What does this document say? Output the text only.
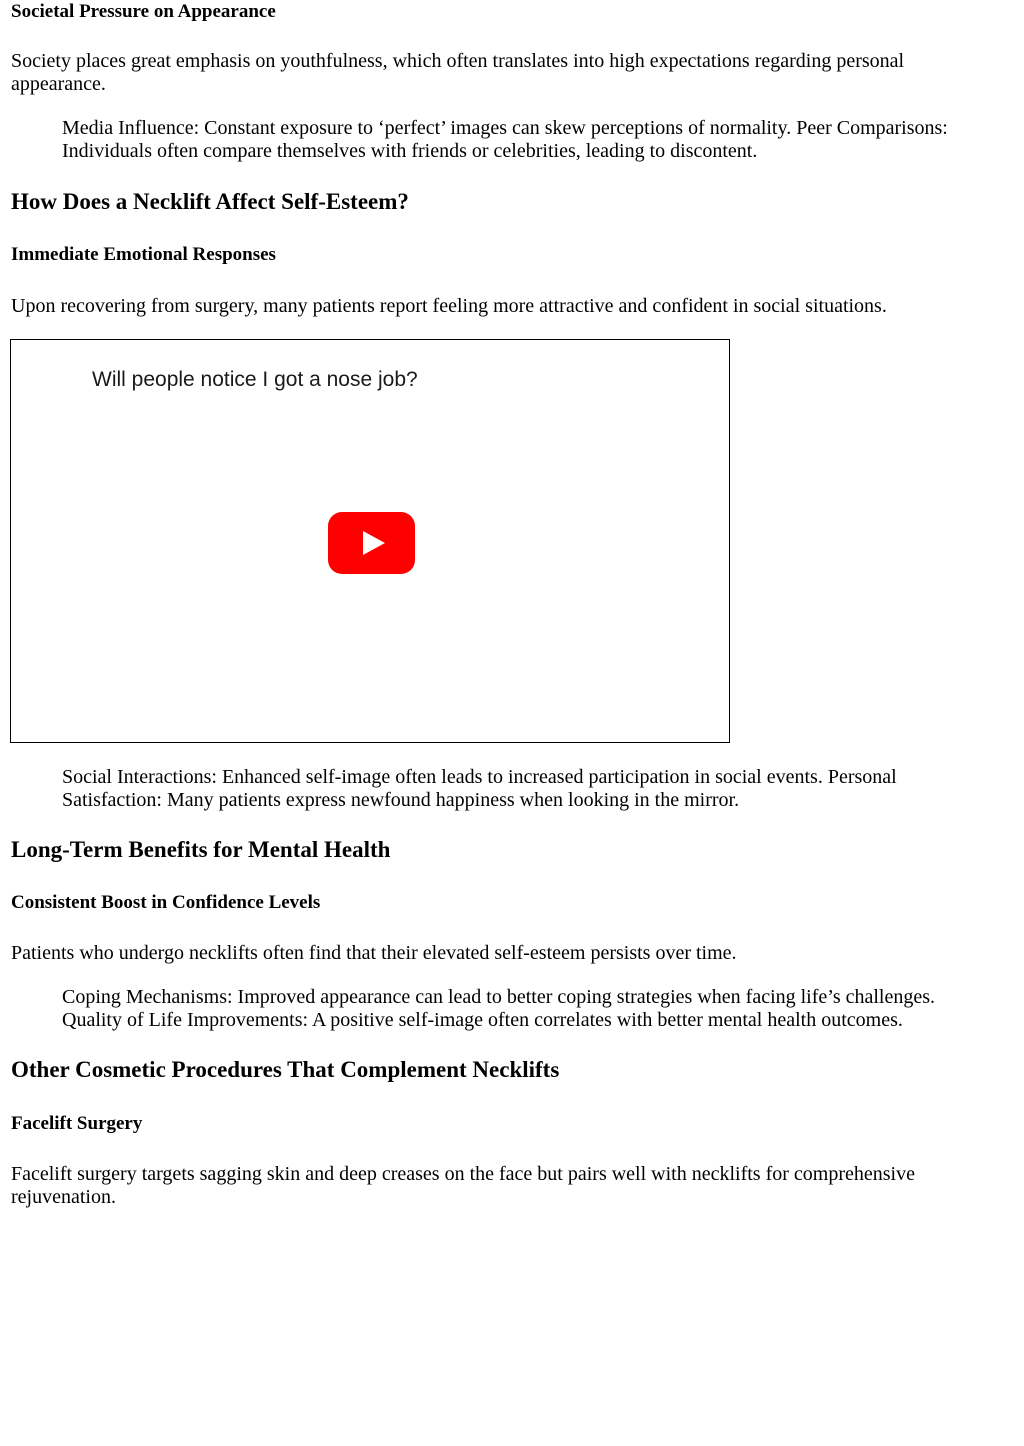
Societal Pressure on Appearance

Society places great emphasis on youthfulness, which often translates into high expectations regarding personal appearance.

Media Influence: Constant exposure to ‘perfect’ images can skew perceptions of normality. Peer Comparisons: Individuals often compare themselves with friends or celebrities, leading to discontent.

How Does a Necklift Affect Self-Esteem?
Immediate Emotional Responses

Upon recovering from surgery, many patients report feeling more attractive and confident in social situations.

Will people notice I got a nose job?

Social Interactions: Enhanced self-image often leads to increased participation in social events. Personal Satisfaction: Many patients express newfound happiness when looking in the mirror.

Long-Term Benefits for Mental Health
Consistent Boost in Confidence Levels

Patients who undergo necklifts often find that their elevated self-esteem persists over time.

Coping Mechanisms: Improved appearance can lead to better coping strategies when facing life’s challenges. Quality of Life Improvements: A positive self-image often correlates with better mental health outcomes.

Other Cosmetic Procedures That Complement Necklifts
Facelift Surgery

Facelift surgery targets sagging skin and deep creases on the face but pairs well with necklifts for comprehensive rejuvenation.
